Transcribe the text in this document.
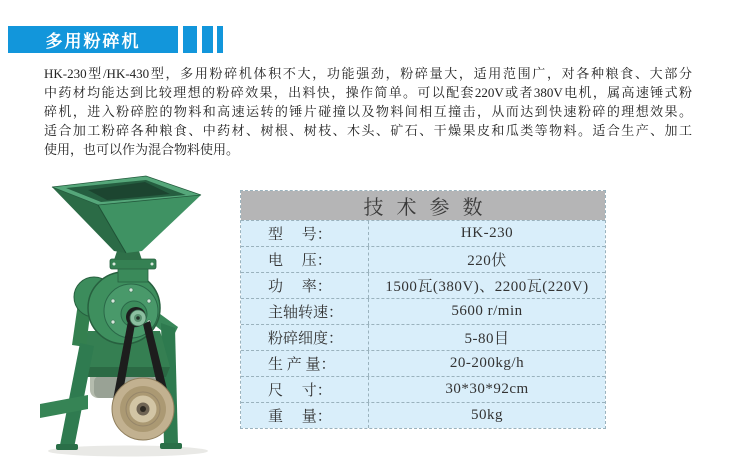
多用粉碎机
HK-230型/HK-430型，多用粉碎机体积不大，功能强劲，粉碎量大，适用范围广，对各种粮食、大部分
中药材均能达到比较理想的粉碎效果，出料快，操作简单。可以配套220V或者380V电机，属高速锤式粉
碎机，进入粉碎腔的物料和高速运转的锤片碰撞以及物料间相互撞击，从而达到快速粉碎的理想效果。
适合加工粉碎各种粮食、中药材、树根、树枝、木头、矿石、干燥果皮和瓜类等物料。适合生产、加工
使用，也可以作为混合物料使用。
技术参数
型　 号：	HK-230
电　 压：	220伏
功　 率：	1500瓦(380V)、2200瓦(220V)
主轴转速：	5600 r/min
粉碎细度：	5-80目
生 产 量：	20-200kg/h
尺　 寸：	30*30*92cm
重　 量：	50kg
